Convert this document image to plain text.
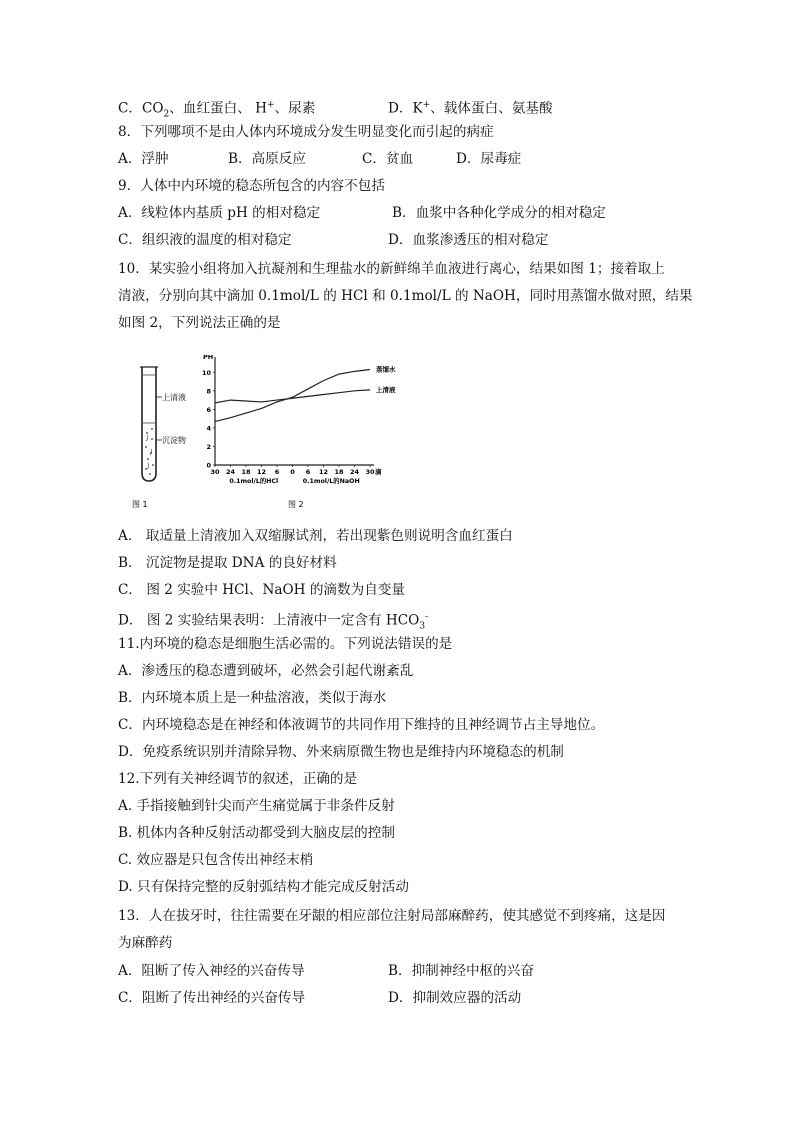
C．$CO_2$、血红蛋白、 H+、尿素	D．K+、载体蛋白、氨基酸
8．下列哪项不是由人体内环境成分发生明显变化而引起的病症
A．浮肿	B．高原反应	C．贫血	D．尿毒症
9．人体中内环境的稳态所包含的内容不包括
A．线粒体内基质 pH 的相对稳定	B．血浆中各种化学成分的相对稳定
C．组织液的温度的相对稳定	D．血浆渗透压的相对稳定
10．某实验小组将加入抗凝剂和生理盐水的新鲜绵羊血液进行离心，结果如图 1；接着取上
清液，分别向其中滴加 0.1mol/L 的 HCl 和 0.1mol/L 的 NaOH，同时用蒸馏水做对照，结果
如图 2，下列说法正确的是
上清液
沉淀物
图 1
0
2
4
6
8
10
PH
30 24 18 12 6 0 6 12 18 24 30 滴
0.1mol/L的HCl	0.1mol/L的NaOH
蒸馏水
上清液
图 2
A． 取适量上清液加入双缩脲试剂，若出现紫色则说明含血红蛋白
B． 沉淀物是提取 DNA 的良好材料
C． 图 2 实验中 HCl、NaOH 的滴数为自变量
D． 图 2 实验结果表明：上清液中一定含有 $HCO_3^-$
11.内环境的稳态是细胞生活必需的。下列说法错误的是
A．渗透压的稳态遭到破坏，必然会引起代谢紊乱
B．内环境本质上是一种盐溶液，类似于海水
C．内环境稳态是在神经和体液调节的共同作用下维持的且神经调节占主导地位。
D．免疫系统识别并清除异物、外来病原微生物也是维持内环境稳态的机制
12.下列有关神经调节的叙述，正确的是
A. 手指接触到针尖而产生痛觉属于非条件反射
B. 机体内各种反射活动都受到大脑皮层的控制
C. 效应器是只包含传出神经末梢
D. 只有保持完整的反射弧结构才能完成反射活动
13．人在拔牙时，往往需要在牙龈的相应部位注射局部麻醉药，使其感觉不到疼痛，这是因
为麻醉药
A．阻断了传入神经的兴奋传导	B．抑制神经中枢的兴奋
C．阻断了传出神经的兴奋传导	D．抑制效应器的活动
